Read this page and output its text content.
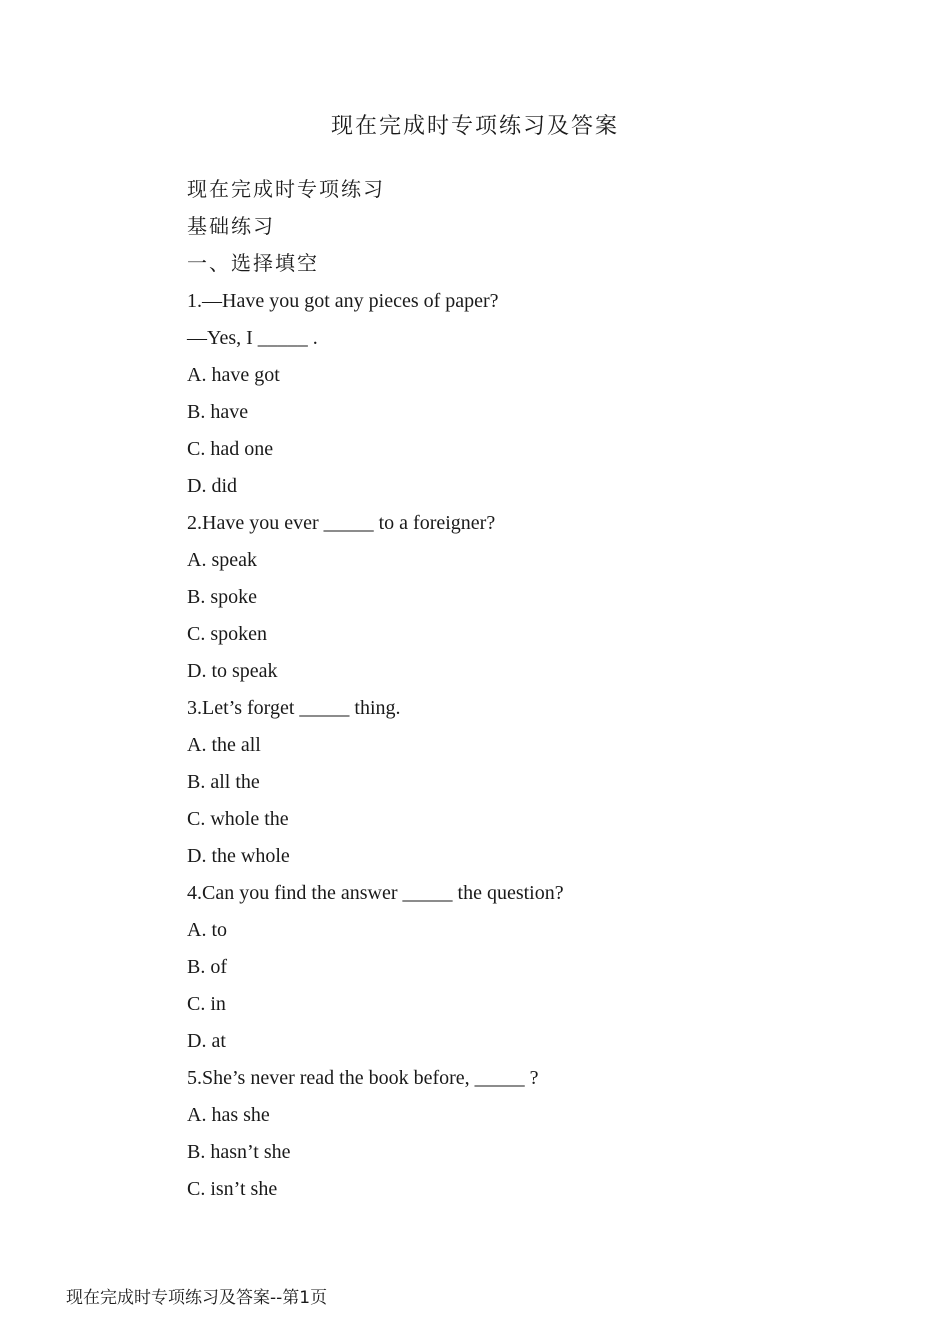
现在完成时专项练习及答案
现在完成时专项练习
基础练习
一、选择填空
1.—Have you got any pieces of paper?
—Yes, I _____ .
A. have got
B. have
C. had one
D. did
2.Have you ever _____ to a foreigner?
A. speak
B. spoke
C. spoken
D. to speak
3.Let’s forget _____ thing.
A. the all
B. all the
C. whole the
D. the whole
4.Can you find the answer _____ the question?
A. to
B. of
C. in
D. at
5.She’s never read the book before, _____ ?
A. has she
B. hasn’t she
C. isn’t she
现在完成时专项练习及答案--第1页
